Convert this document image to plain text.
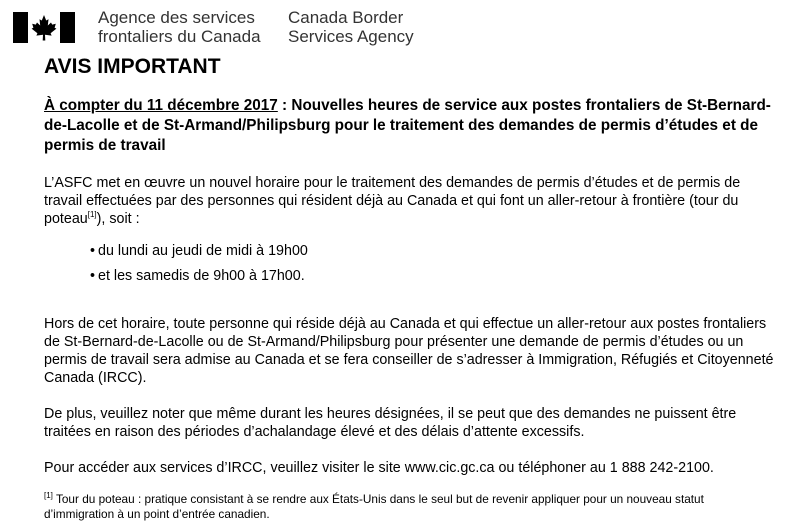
Agence des services
frontaliers du Canada
Canada Border
Services Agency
AVIS IMPORTANT

À compter du 11 décembre 2017 : Nouvelles heures de service aux postes frontaliers de St-Bernard-de-Lacolle et de St-Armand/Philipsburg pour le traitement des demandes de permis d’études et de permis de travail

L’ASFC met en œuvre un nouvel horaire pour le traitement des demandes de permis d’études et de permis de travail effectuées par des personnes qui résident déjà au Canada et qui font un aller-retour à frontière (tour du poteau[1]), soit :

• du lundi au jeudi de midi à 19h00
• et les samedis de 9h00 à 17h00.

Hors de cet horaire, toute personne qui réside déjà au Canada et qui effectue un aller-retour aux postes frontaliers de St-Bernard-de-Lacolle ou de St-Armand/Philipsburg pour présenter une demande de permis d’études ou un permis de travail sera admise au Canada et se fera conseiller de s’adresser à Immigration, Réfugiés et Citoyenneté Canada (IRCC).

De plus, veuillez noter que même durant les heures désignées, il se peut que des demandes ne puissent être traitées en raison des périodes d’achalandage élevé et des délais d’attente excessifs.

Pour accéder aux services d’IRCC, veuillez visiter le site www.cic.gc.ca ou téléphoner au 1 888 242-2100.

[1] Tour du poteau : pratique consistant à se rendre aux États-Unis dans le seul but de revenir appliquer pour un nouveau statut d’immigration à un point d’entrée canadien.
